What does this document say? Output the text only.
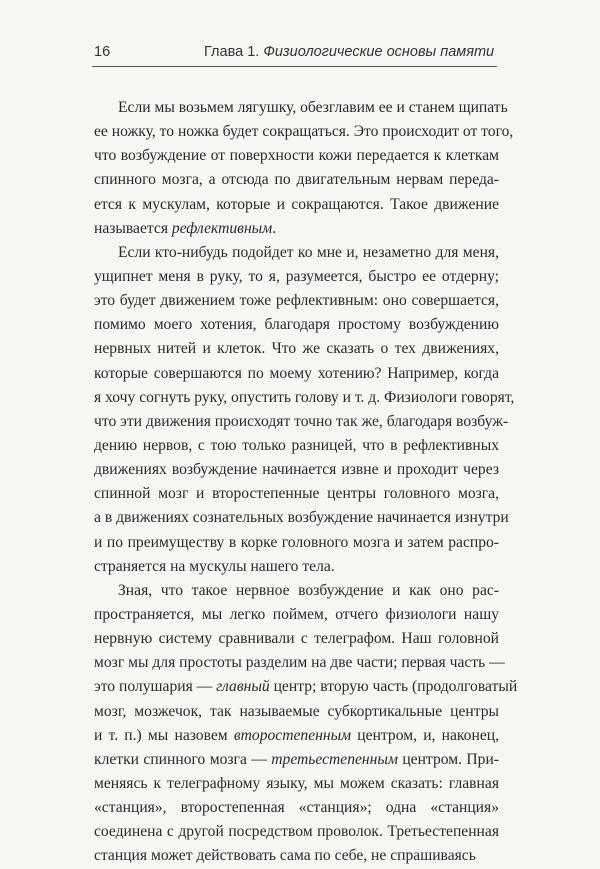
16	Глава 1. Физиологические основы памяти
Если мы возьмем лягушку, обезглавим ее и станем щипать
ее ножку, то ножка будет сокращаться. Это происходит от того,
что возбуждение от поверхности кожи передается к клеткам
спинного мозга, а отсюда по двигательным нервам переда-
ется к мускулам, которые и сокращаются. Такое движение
называется рефлективным.
Если кто-нибудь подойдет ко мне и, незаметно для меня,
ущипнет меня в руку, то я, разумеется, быстро ее отдерну;
это будет движением тоже рефлективным: оно совершается,
помимо моего хотения, благодаря простому возбуждению
нервных нитей и клеток. Что же сказать о тех движениях,
которые совершаются по моему хотению? Например, когда
я хочу согнуть руку, опустить голову и т. д. Физиологи говорят,
что эти движения происходят точно так же, благодаря возбуж-
дению нервов, с тою только разницей, что в рефлективных
движениях возбуждение начинается извне и проходит через
спинной мозг и второстепенные центры головного мозга,
а в движениях сознательных возбуждение начинается изнутри
и по преимуществу в корке головного мозга и затем распро-
страняется на мускулы нашего тела.
Зная, что такое нервное возбуждение и как оно рас-
пространяется, мы легко поймем, отчего физиологи нашу
нервную систему сравнивали с телеграфом. Наш головной
мозг мы для простоты разделим на две части; первая часть —
это полушария — главный центр; вторую часть (продолговатый
мозг, мозжечок, так называемые субкортикальные центры
и т. п.) мы назовем второстепенным центром, и, наконец,
клетки спинного мозга — третьестепенным центром. При-
меняясь к телеграфному языку, мы можем сказать: главная
«станция», второстепенная «станция»; одна «станция»
соединена с другой посредством проволок. Третьестепенная
станция может действовать сама по себе, не спрашиваясь
